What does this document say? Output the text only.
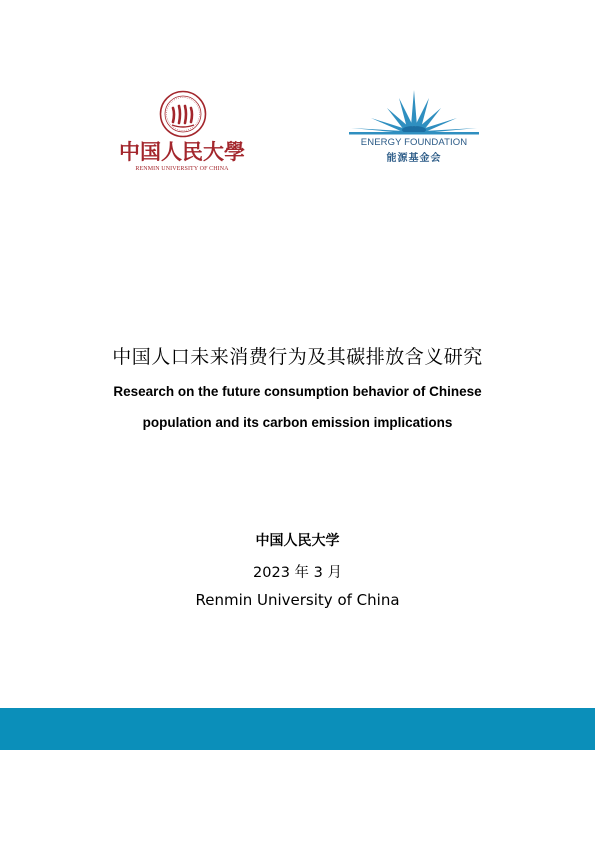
中国人民大學
RENMIN UNIVERSITY OF CHINA
ENERGY FOUNDATION
能源基金会
中国人口未来消费行为及其碳排放含义研究
Research on the future consumption behavior of Chinese
population and its carbon emission implications
中国人民大学
2023 年 3 月
Renmin University of China
